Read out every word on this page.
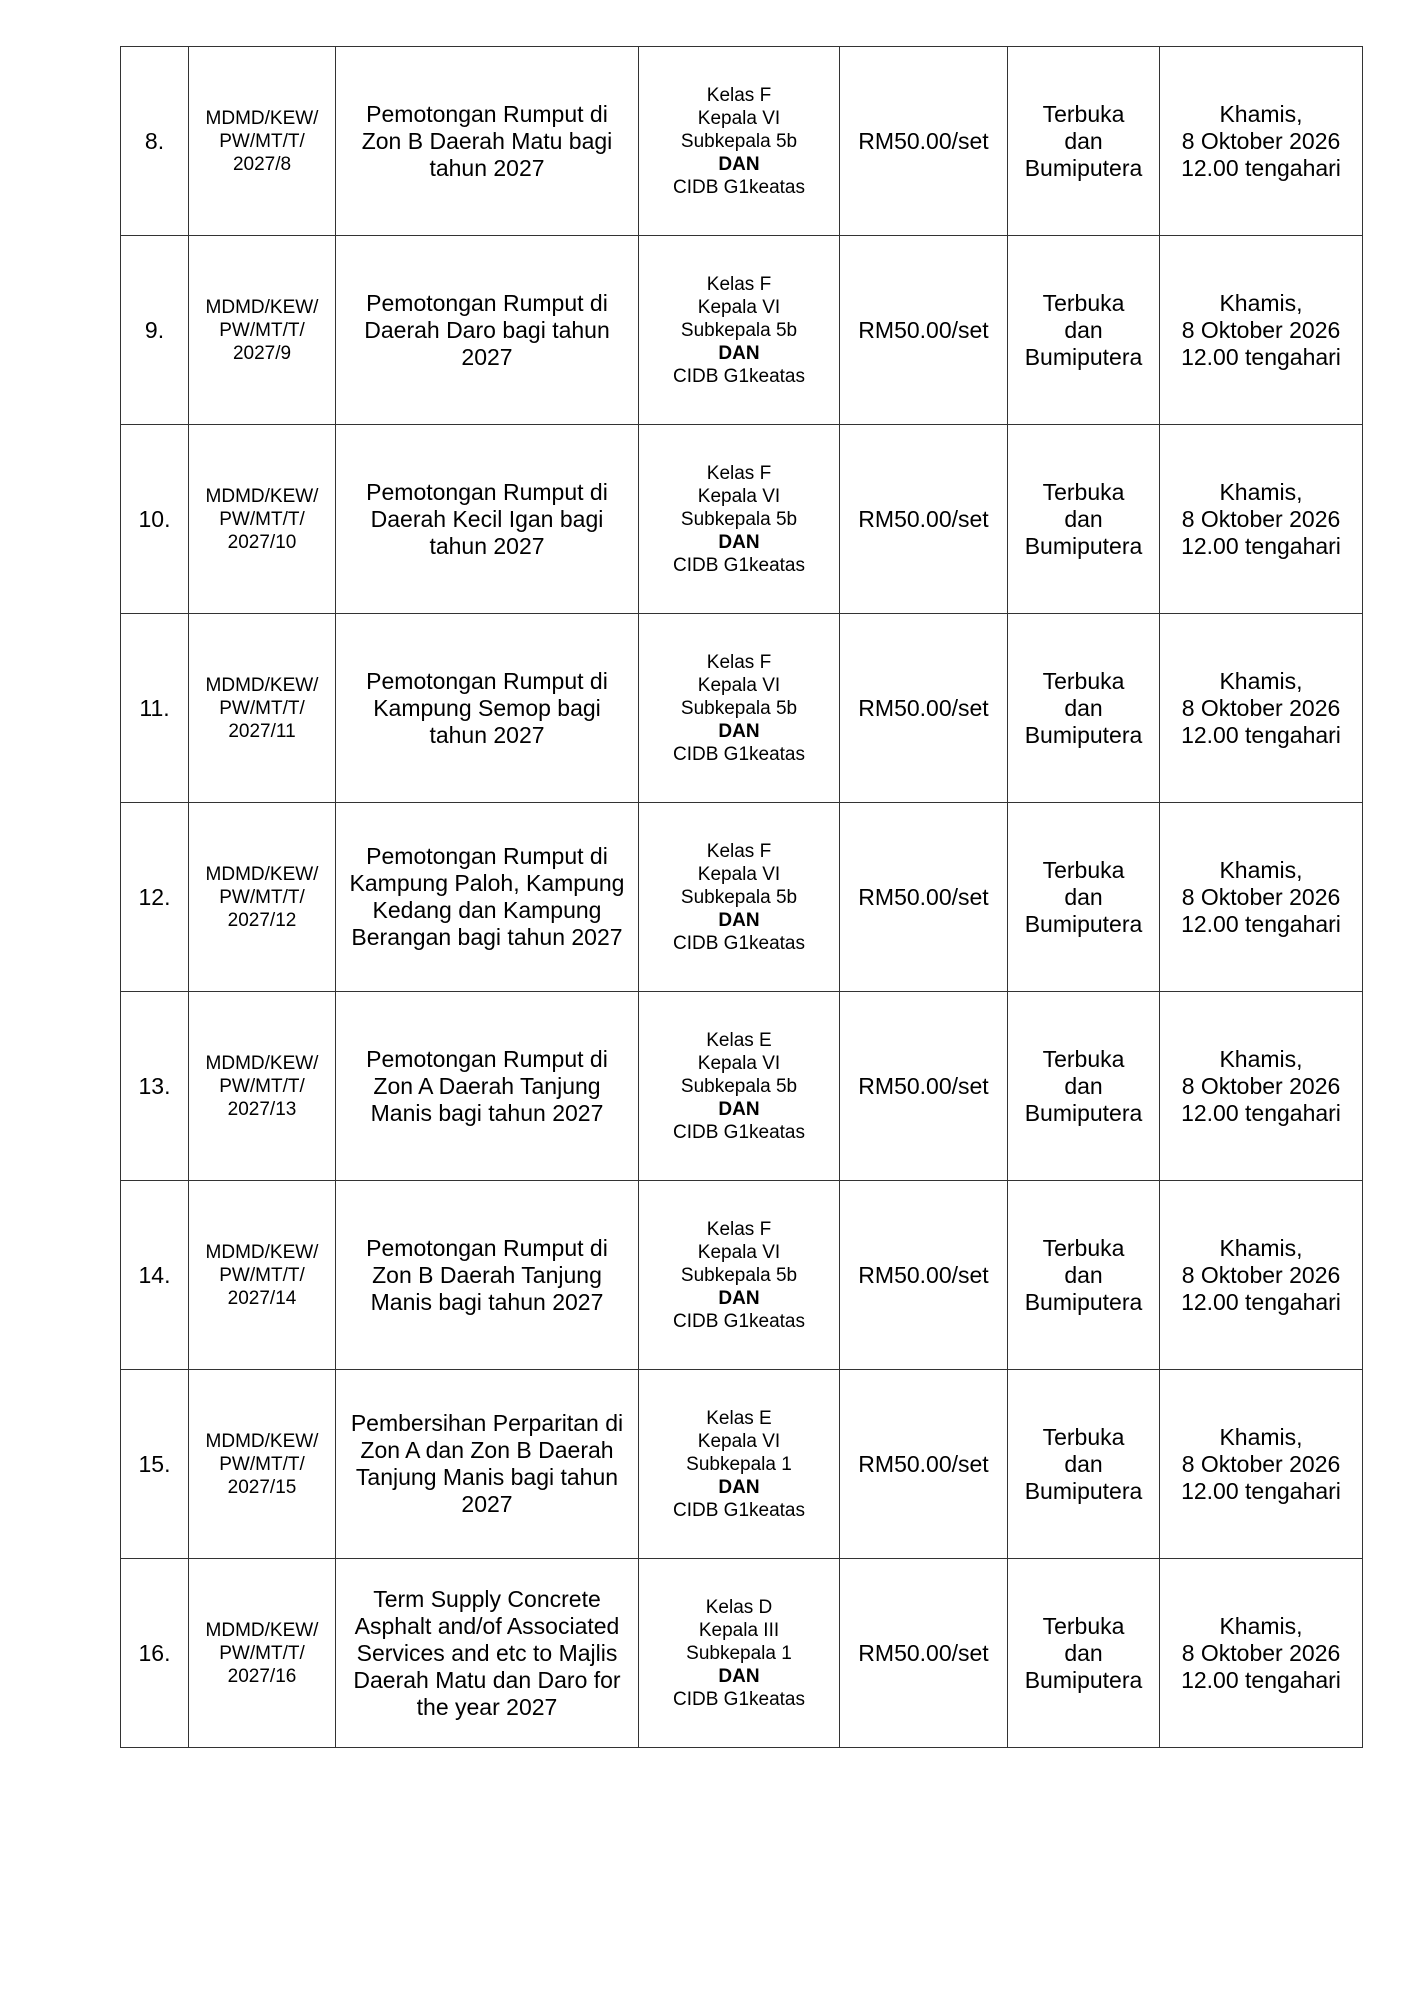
8.	MDMD/KEW/
PW/MT/T/
2027/8	Pemotongan Rumput di
Zon B Daerah Matu bagi
tahun 2027	Kelas F
Kepala VI
Subkepala 5b
DAN
CIDB G1keatas	RM50.00/set	Terbuka
dan
Bumiputera	Khamis,
8 Oktober 2026
12.00 tengahari

9.	MDMD/KEW/
PW/MT/T/
2027/9	Pemotongan Rumput di
Daerah Daro bagi tahun
2027	Kelas F
Kepala VI
Subkepala 5b
DAN
CIDB G1keatas	RM50.00/set	Terbuka
dan
Bumiputera	Khamis,
8 Oktober 2026
12.00 tengahari

10.	MDMD/KEW/
PW/MT/T/
2027/10	Pemotongan Rumput di
Daerah Kecil Igan bagi
tahun 2027	Kelas F
Kepala VI
Subkepala 5b
DAN
CIDB G1keatas	RM50.00/set	Terbuka
dan
Bumiputera	Khamis,
8 Oktober 2026
12.00 tengahari

11.	MDMD/KEW/
PW/MT/T/
2027/11	Pemotongan Rumput di
Kampung Semop bagi
tahun 2027	Kelas F
Kepala VI
Subkepala 5b
DAN
CIDB G1keatas	RM50.00/set	Terbuka
dan
Bumiputera	Khamis,
8 Oktober 2026
12.00 tengahari

12.	MDMD/KEW/
PW/MT/T/
2027/12	Pemotongan Rumput di
Kampung Paloh, Kampung
Kedang dan Kampung
Berangan bagi tahun 2027	Kelas F
Kepala VI
Subkepala 5b
DAN
CIDB G1keatas	RM50.00/set	Terbuka
dan
Bumiputera	Khamis,
8 Oktober 2026
12.00 tengahari

13.	MDMD/KEW/
PW/MT/T/
2027/13	Pemotongan Rumput di
Zon A Daerah Tanjung
Manis bagi tahun 2027	Kelas E
Kepala VI
Subkepala 5b
DAN
CIDB G1keatas	RM50.00/set	Terbuka
dan
Bumiputera	Khamis,
8 Oktober 2026
12.00 tengahari

14.	MDMD/KEW/
PW/MT/T/
2027/14	Pemotongan Rumput di
Zon B Daerah Tanjung
Manis bagi tahun 2027	Kelas F
Kepala VI
Subkepala 5b
DAN
CIDB G1keatas	RM50.00/set	Terbuka
dan
Bumiputera	Khamis,
8 Oktober 2026
12.00 tengahari

15.	MDMD/KEW/
PW/MT/T/
2027/15	Pembersihan Perparitan di
Zon A dan Zon B Daerah
Tanjung Manis bagi tahun
2027	Kelas E
Kepala VI
Subkepala 1
DAN
CIDB G1keatas	RM50.00/set	Terbuka
dan
Bumiputera	Khamis,
8 Oktober 2026
12.00 tengahari

16.	MDMD/KEW/
PW/MT/T/
2027/16	Term Supply Concrete
Asphalt and/of Associated
Services and etc to Majlis
Daerah Matu dan Daro for
the year 2027	Kelas D
Kepala III
Subkepala 1
DAN
CIDB G1keatas	RM50.00/set	Terbuka
dan
Bumiputera	Khamis,
8 Oktober 2026
12.00 tengahari
